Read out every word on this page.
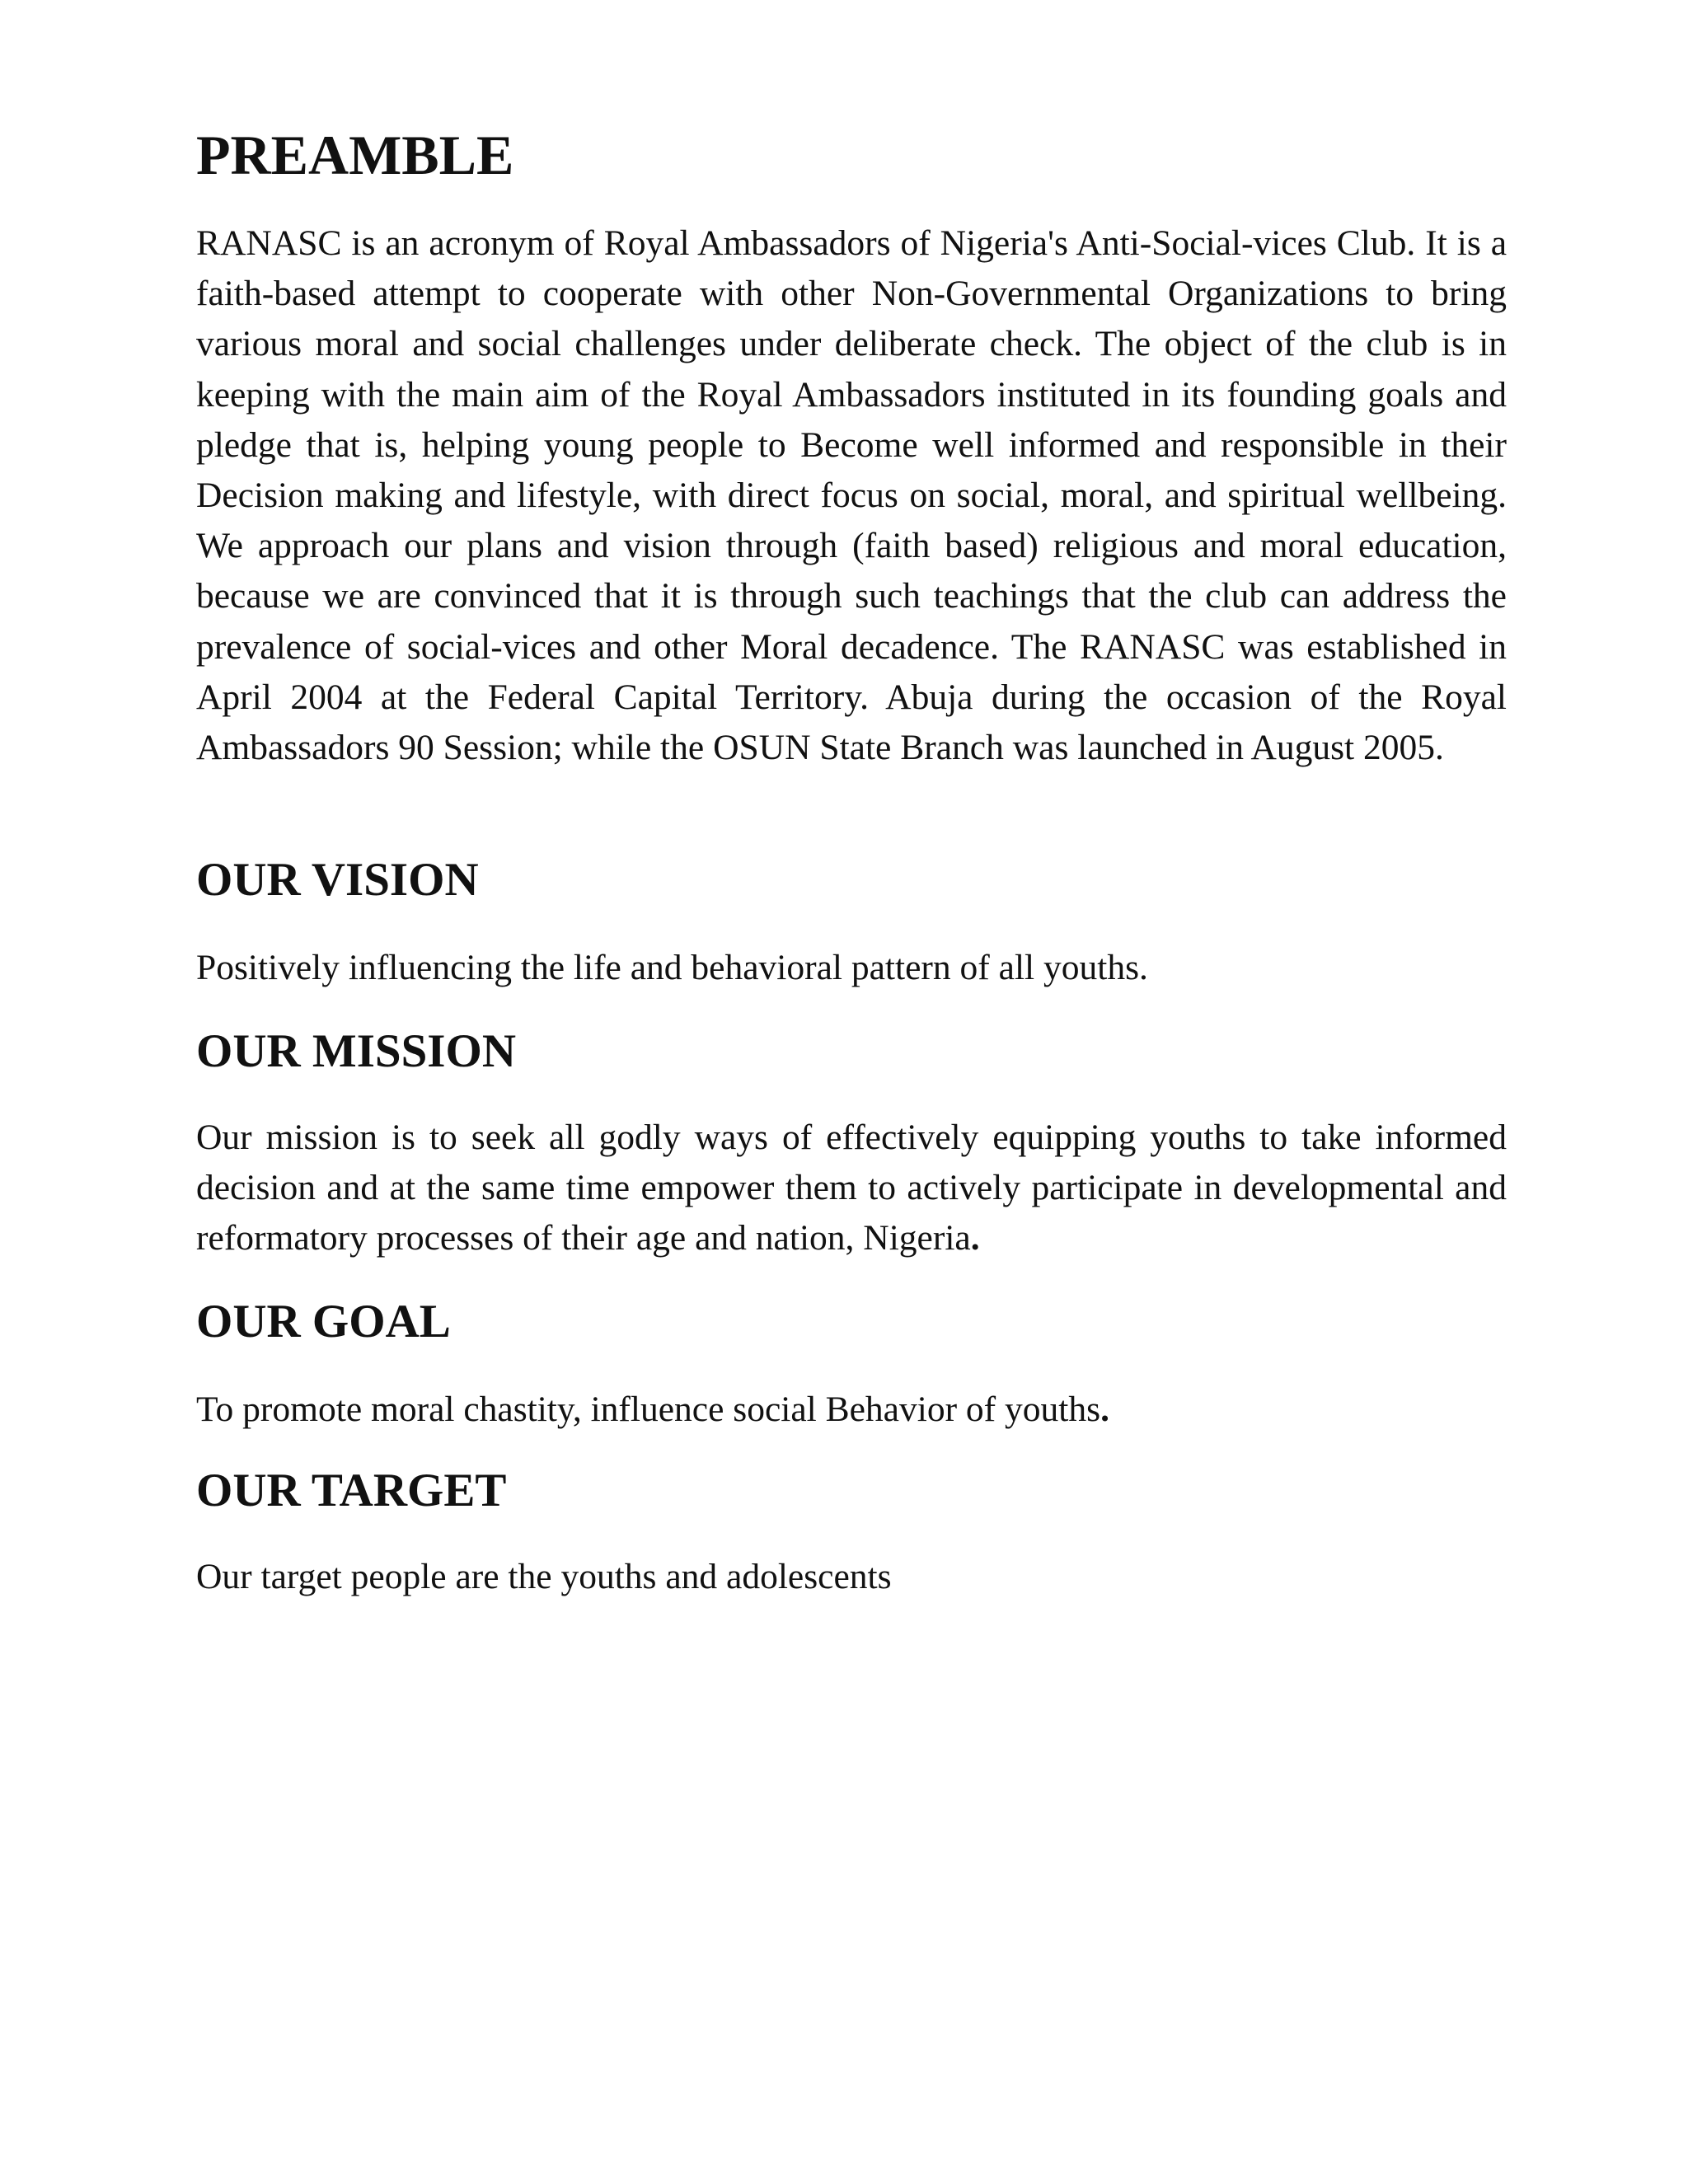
PREAMBLE

RANASC is an acronym of Royal Ambassadors of Nigeria's Anti-Social-vices Club. It is a faith-based attempt to cooperate with other Non-Governmental Organizations to bring various moral and social challenges under deliberate check. The object of the club is in keeping with the main aim of the Royal Ambassadors instituted in its founding goals and pledge that is, helping young people to Become well informed and responsible in their Decision making and lifestyle, with direct focus on social, moral, and spiritual wellbeing. We approach our plans and vision through (faith based) religious and moral education, because we are convinced that it is through such teachings that the club can address the prevalence of social-vices and other Moral decadence. The RANASC was established in April 2004 at the Federal Capital Territory. Abuja during the occasion of the Royal Ambassadors 90 Session; while the OSUN State Branch was launched in August 2005.

OUR VISION

Positively influencing the life and behavioral pattern of all youths.

OUR MISSION

Our mission is to seek all godly ways of effectively equipping youths to take informed decision and at the same time empower them to actively participate in developmental and reformatory processes of their age and nation, Nigeria.

OUR GOAL

To promote moral chastity, influence social Behavior of youths.

OUR TARGET

Our target people are the youths and adolescents
